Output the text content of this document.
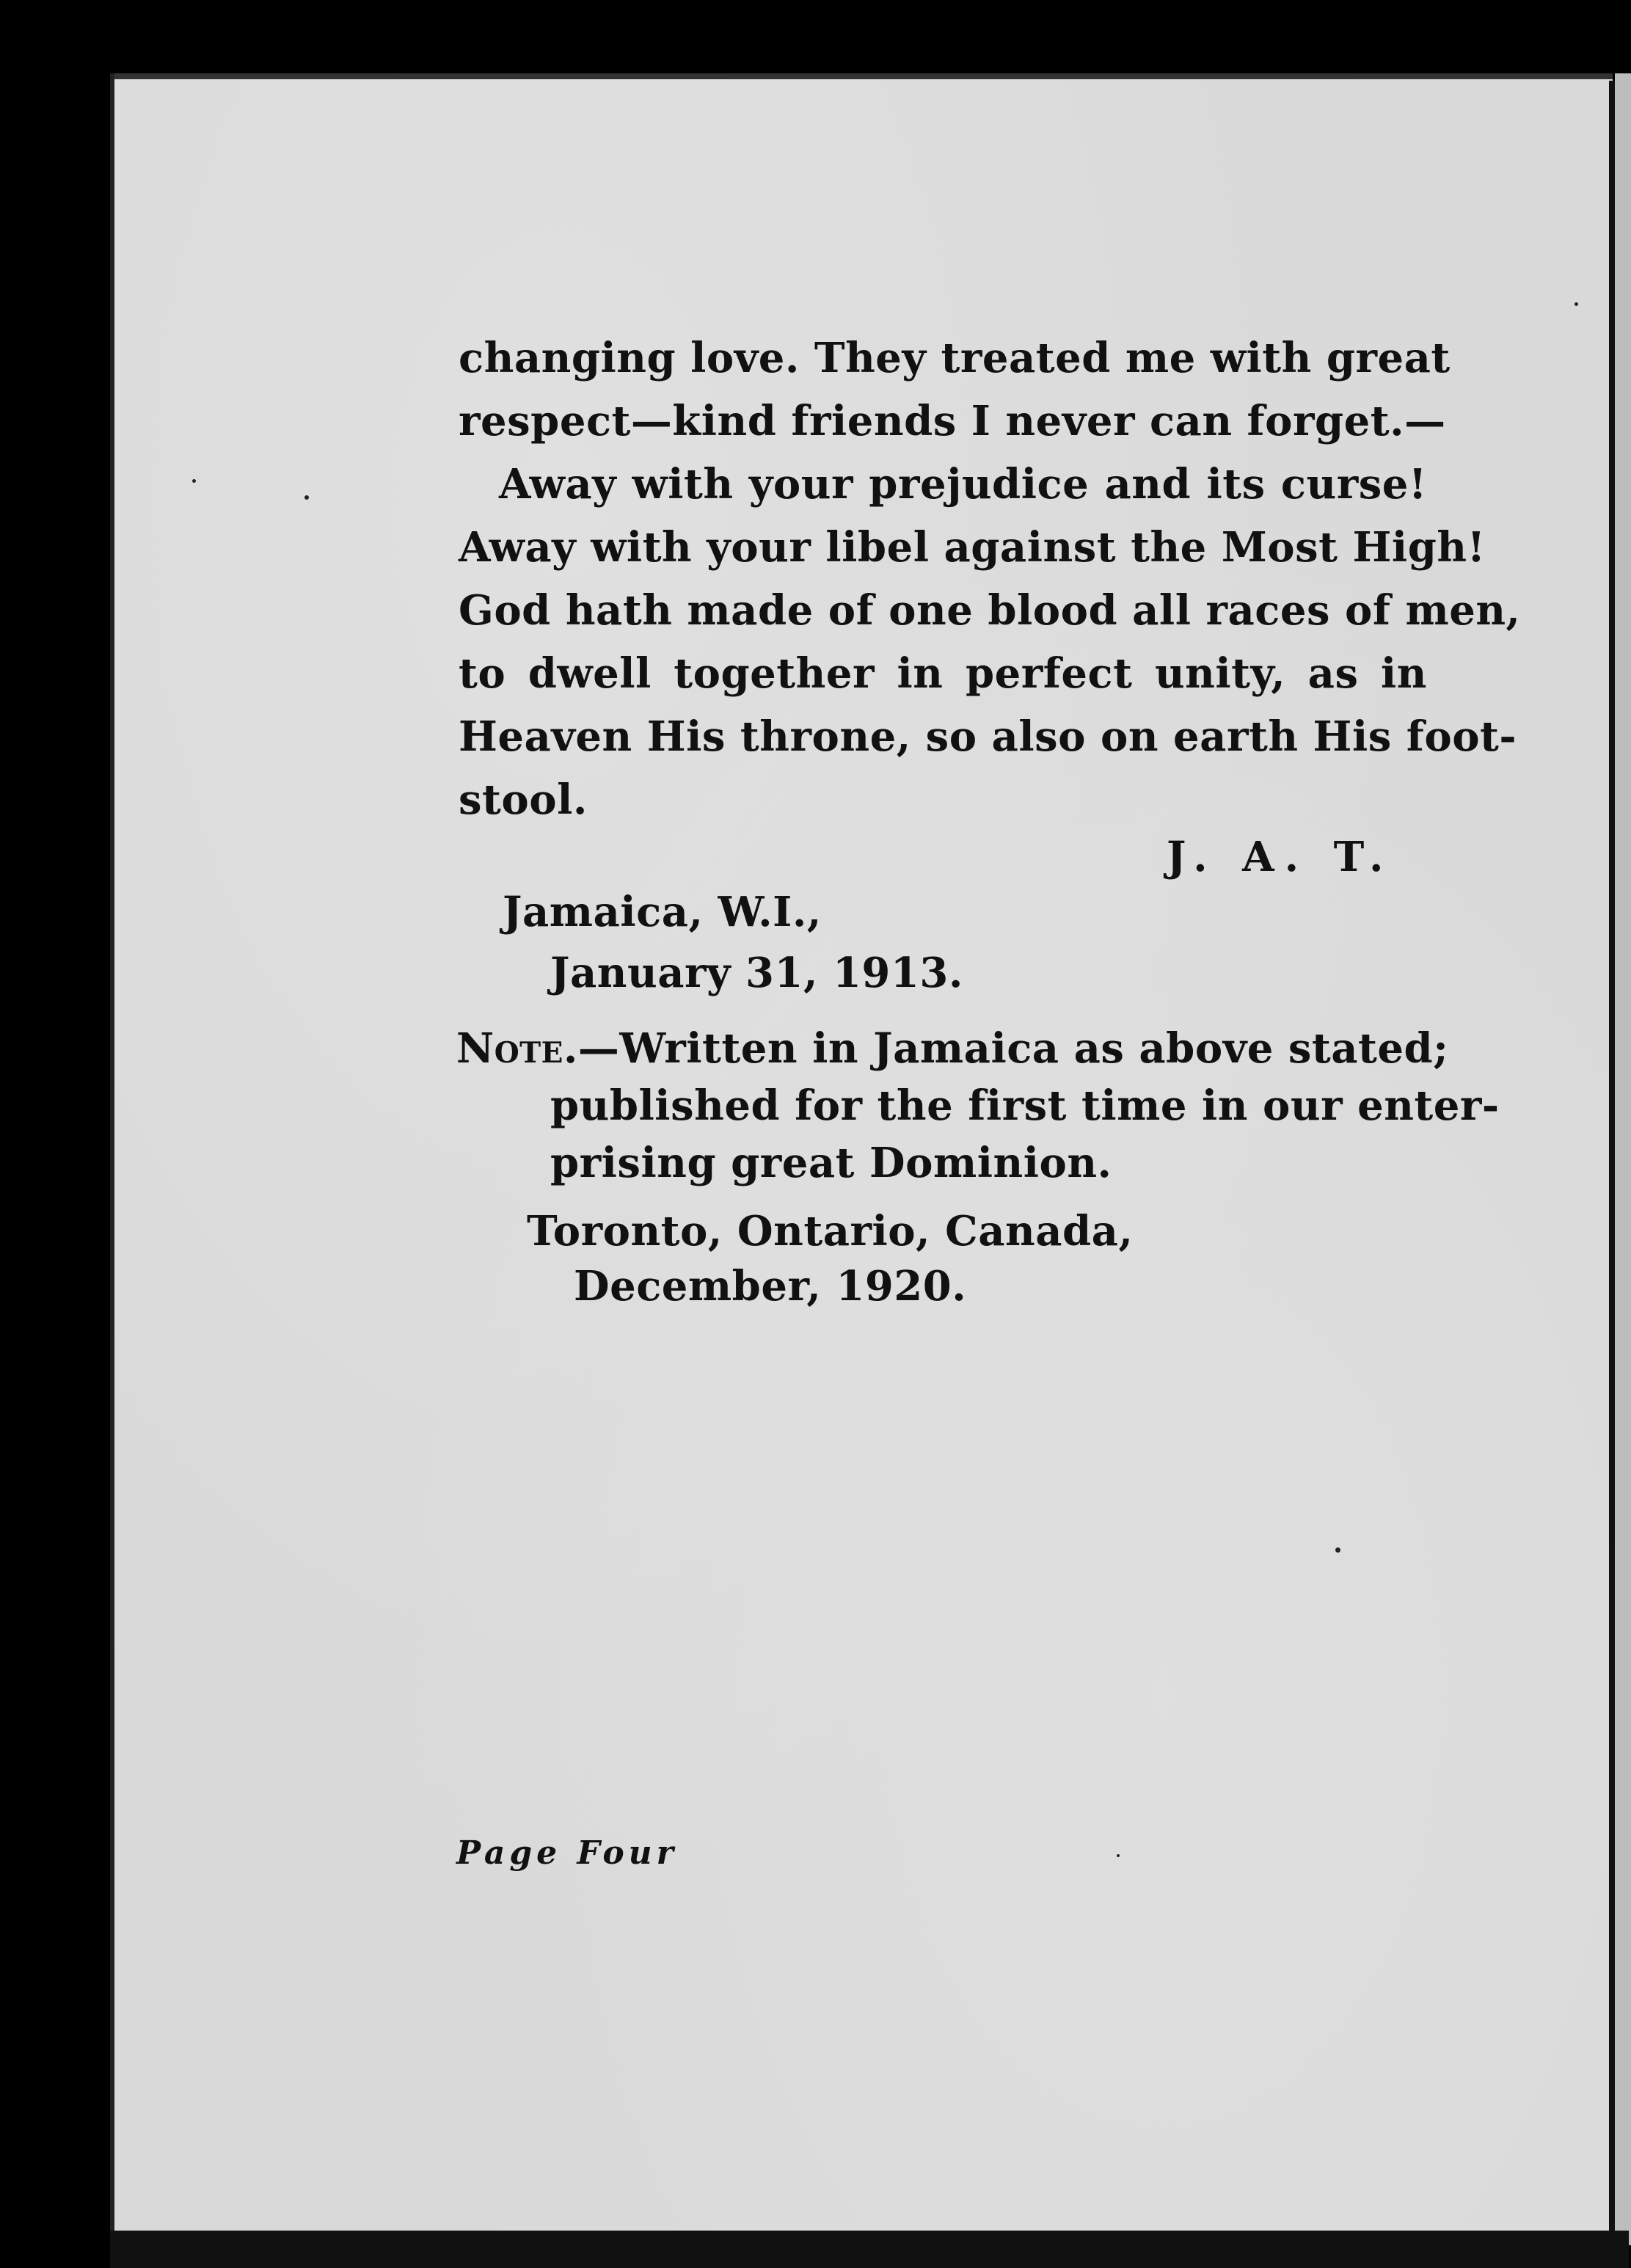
changing love. They treated me with great
respect—kind friends I never can forget.—
Away with your prejudice and its curse!
Away with your libel against the Most High!
God hath made of one blood all races of men,
to dwell together in perfect unity, as in
Heaven His throne, so also on earth His foot-
stool.
J. A. T.
Jamaica, W.I.,
January 31, 1913.
Note.—Written in Jamaica as above stated;
published for the first time in our enter-
prising great Dominion.
Toronto, Ontario, Canada,
December, 1920.
Page Four
